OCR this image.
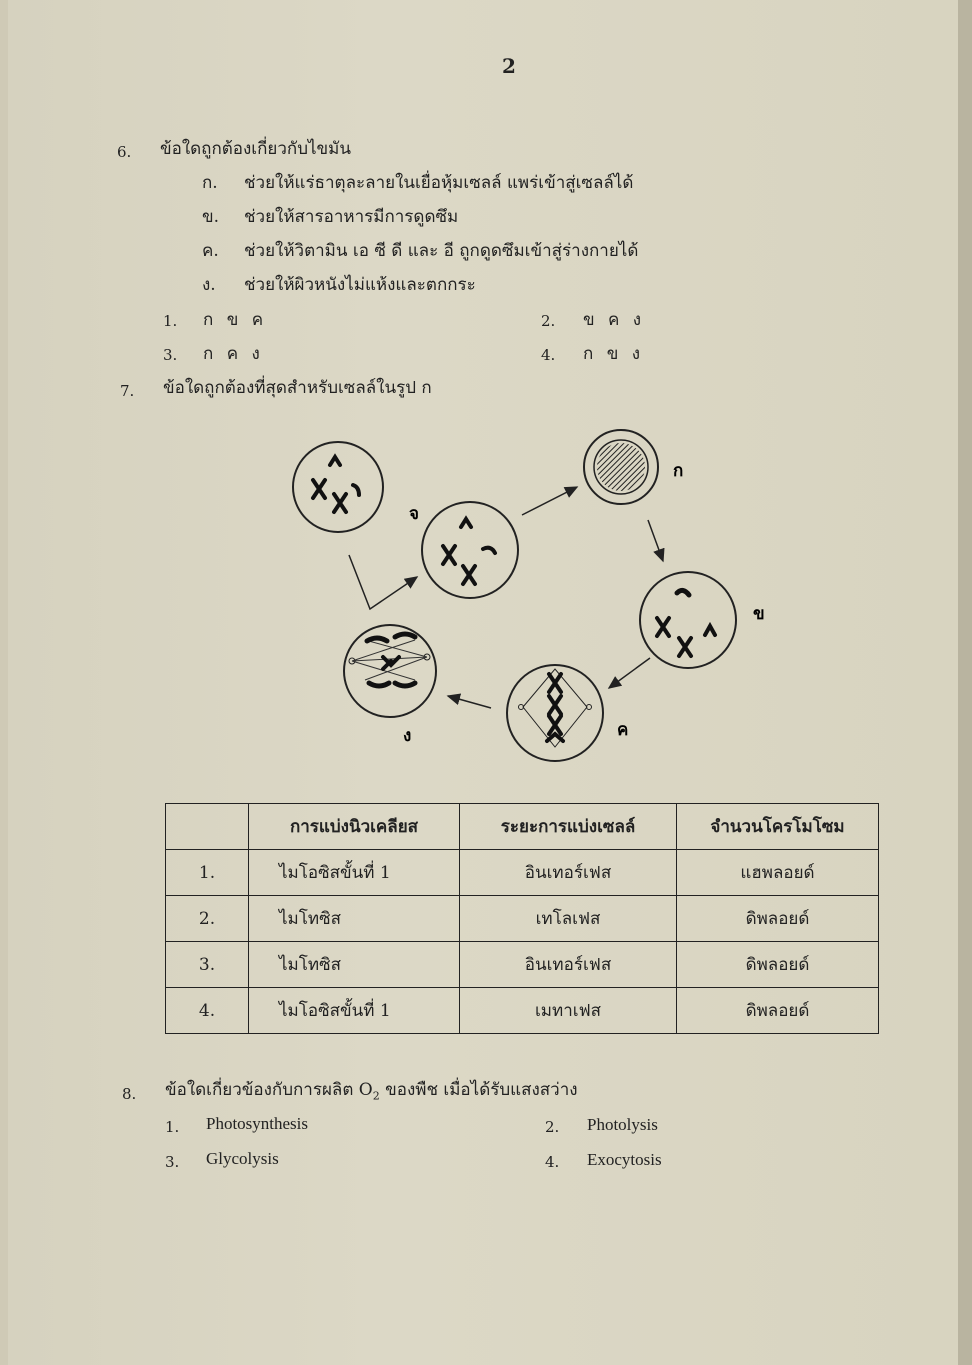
2
6. ข้อใดถูกต้องเกี่ยวกับไขมัน
ก. ช่วยให้แร่ธาตุละลายในเยื่อหุ้มเซลล์ แพร่เข้าสู่เซลล์ได้
ข. ช่วยให้สารอาหารมีการดูดซึม
ค. ช่วยให้วิตามิน เอ ซี ดี และ อี ถูกดูดซึมเข้าสู่ร่างกายได้
ง. ช่วยให้ผิวหนังไม่แห้งและตกกระ
1. ก ข ค	2. ข ค ง
3. ก ค ง	4. ก ข ง
7. ข้อใดถูกต้องที่สุดสำหรับเซลล์ในรูป ก
ก
ข
ค
ง
จ
	การแบ่งนิวเคลียส	ระยะการแบ่งเซลล์	จำนวนโครโมโซม
1.	ไมโอซิสขั้นที่ 1	อินเทอร์เฟส	แฮพลอยด์
2.	ไมโทซิส	เทโลเฟส	ดิพลอยด์
3.	ไมโทซิส	อินเทอร์เฟส	ดิพลอยด์
4.	ไมโอซิสขั้นที่ 1	เมทาเฟส	ดิพลอยด์
8. ข้อใดเกี่ยวข้องกับการผลิต $O_2$ ของพืช เมื่อได้รับแสงสว่าง
1. Photosynthesis	2. Photolysis
3. Glycolysis	4. Exocytosis
